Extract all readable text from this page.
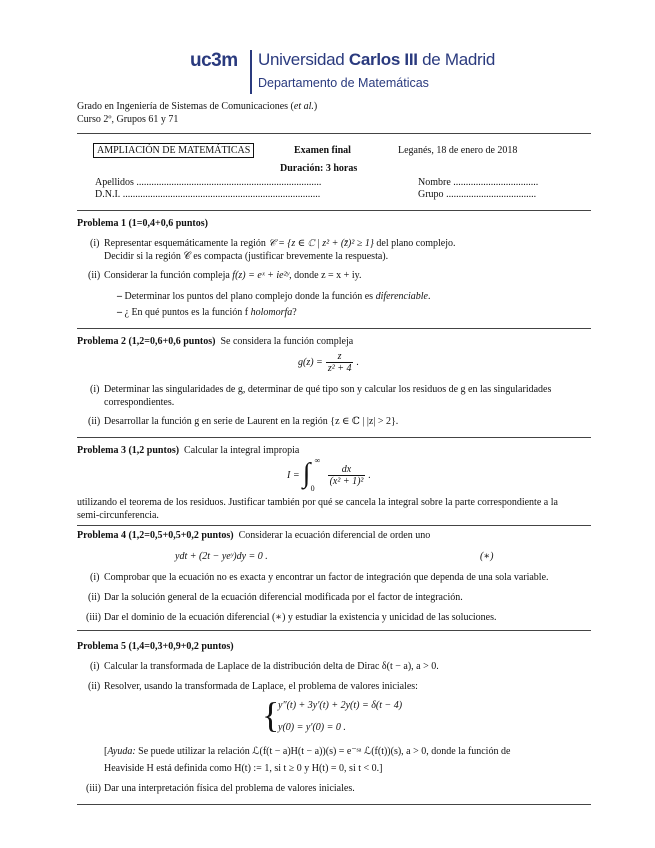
uc3m Universidad Carlos III de Madrid
Departamento de Matemáticas
Grado en Ingeniería de Sistemas de Comunicaciones (et al.)
Curso 2º, Grupos 61 y 71
AMPLIACIÓN DE MATEMÁTICAS	Examen final	Leganés, 18 de enero de 2018
Duración: 3 horas
Apellidos ..........................................................................	Nombre ..................................
D.N.I. ...............................................................................	Grupo ....................................
Problema 1 (1=0,4+0,6 puntos)
(i) Representar esquemáticamente la región 𝒞 = {z ∈ ℂ | z² + (z̄)² ≥ 1} del plano complejo.
Decidir si la región 𝒞 es compacta (justificar brevemente la respuesta).
(ii) Considerar la función compleja f(z) = eˣ + ie²ʸ, donde z = x + iy.
– Determinar los puntos del plano complejo donde la función es diferenciable.
– ¿ En qué puntos es la función f holomorfa?
Problema 2 (1,2=0,6+0,6 puntos) Se considera la función compleja
$g(z) = \frac{z}{\text{z² + 4}}$ .
(i) Determinar las singularidades de g, determinar de qué tipo son y calcular los residuos de g en las singularidades
correspondientes.
(ii) Desarrollar la función g en serie de Laurent en la región {z ∈ ℂ | |z| > 2}.
Problema 3 (1,2 puntos) Calcular la integral impropia
I = ∫ ∞
0
$\frac{dx}{\text{(x² + 1)²}}$ .
utilizando el teorema de los residuos. Justificar también por qué se cancela la integral sobre la parte correspondiente a la
semi-circunferencia.
Problema 4 (1,2=0,5+0,5+0,2 puntos) Considerar la ecuación diferencial de orden uno
ydt + (2t − yeʸ)dy = 0 .	(∗)
(i) Comprobar que la ecuación no es exacta y encontrar un factor de integración que dependa de una sola variable.
(ii) Dar la solución general de la ecuación diferencial modificada por el factor de integración.
(iii) Dar el dominio de la ecuación diferencial (∗) y estudiar la existencia y unicidad de las soluciones.
Problema 5 (1,4=0,3+0,9+0,2 puntos)
(i) Calcular la transformada de Laplace de la distribución delta de Dirac δ(t − a), a > 0.
(ii) Resolver, usando la transformada de Laplace, el problema de valores iniciales:
{
y″(t) + 3y′(t) + 2y(t) = δ(t − 4)
y(0) = y′(0) = 0 .
[Ayuda: Se puede utilizar la relación ℒ(f(t − a)H(t − a))(s) = e⁻ˢᵃ ℒ(f(t))(s), a > 0, donde la función de
Heaviside H está definida como H(t) := 1, si t ≥ 0 y H(t) = 0, si t < 0.]
(iii) Dar una interpretación física del problema de valores iniciales.
